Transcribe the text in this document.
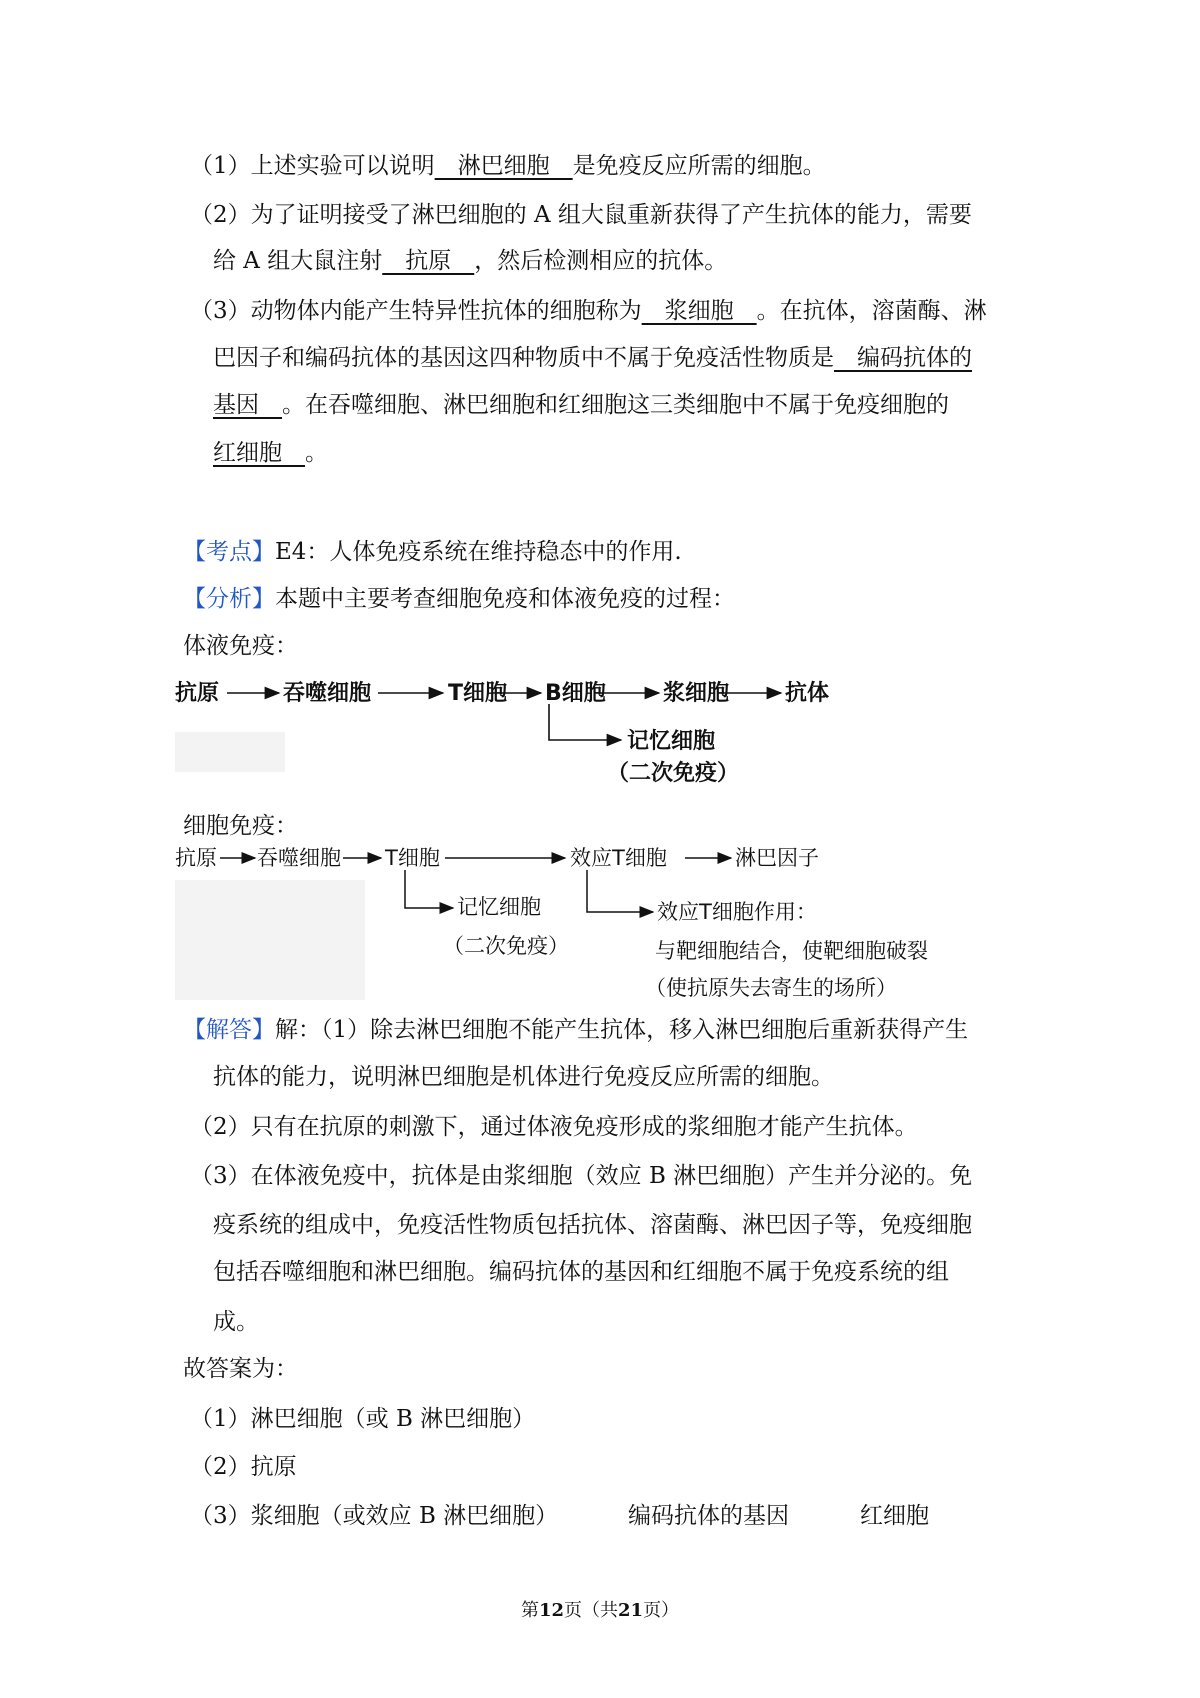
（1）上述实验可以说明　淋巴细胞　是免疫反应所需的细胞。
（2）为了证明接受了淋巴细胞的 A 组大鼠重新获得了产生抗体的能力，需要
给 A 组大鼠注射　抗原　，然后检测相应的抗体。
（3）动物体内能产生特异性抗体的细胞称为　浆细胞　。在抗体，溶菌酶、淋
巴因子和编码抗体的基因这四种物质中不属于免疫活性物质是　编码抗体的
基因　。在吞噬细胞、淋巴细胞和红细胞这三类细胞中不属于免疫细胞的
红细胞　。
【考点】E4：人体免疫系统在维持稳态中的作用.
【分析】本题中主要考查细胞免疫和体液免疫的过程：
体液免疫：
抗原	吞噬细胞	T细胞 B细胞	浆细胞	抗体
记忆细胞
（二次免疫）
细胞免疫：
抗原 吞噬细胞 T细胞	效应T细胞	淋巴因子
记忆细胞
（二次免疫）
效应T细胞作用：
与靶细胞结合，使靶细胞破裂
（使抗原失去寄生的场所）
【解答】解：（1）除去淋巴细胞不能产生抗体，移入淋巴细胞后重新获得产生
抗体的能力，说明淋巴细胞是机体进行免疫反应所需的细胞。
（2）只有在抗原的刺激下，通过体液免疫形成的浆细胞才能产生抗体。
（3）在体液免疫中，抗体是由浆细胞（效应 B 淋巴细胞）产生并分泌的。免
疫系统的组成中，免疫活性物质包括抗体、溶菌酶、淋巴因子等，免疫细胞
包括吞噬细胞和淋巴细胞。编码抗体的基因和红细胞不属于免疫系统的组
成。
故答案为：
（1）淋巴细胞（或 B 淋巴细胞）
（2）抗原
（3）浆细胞（或效应 B 淋巴细胞）	编码抗体的基因	红细胞
第12页（共21页）
